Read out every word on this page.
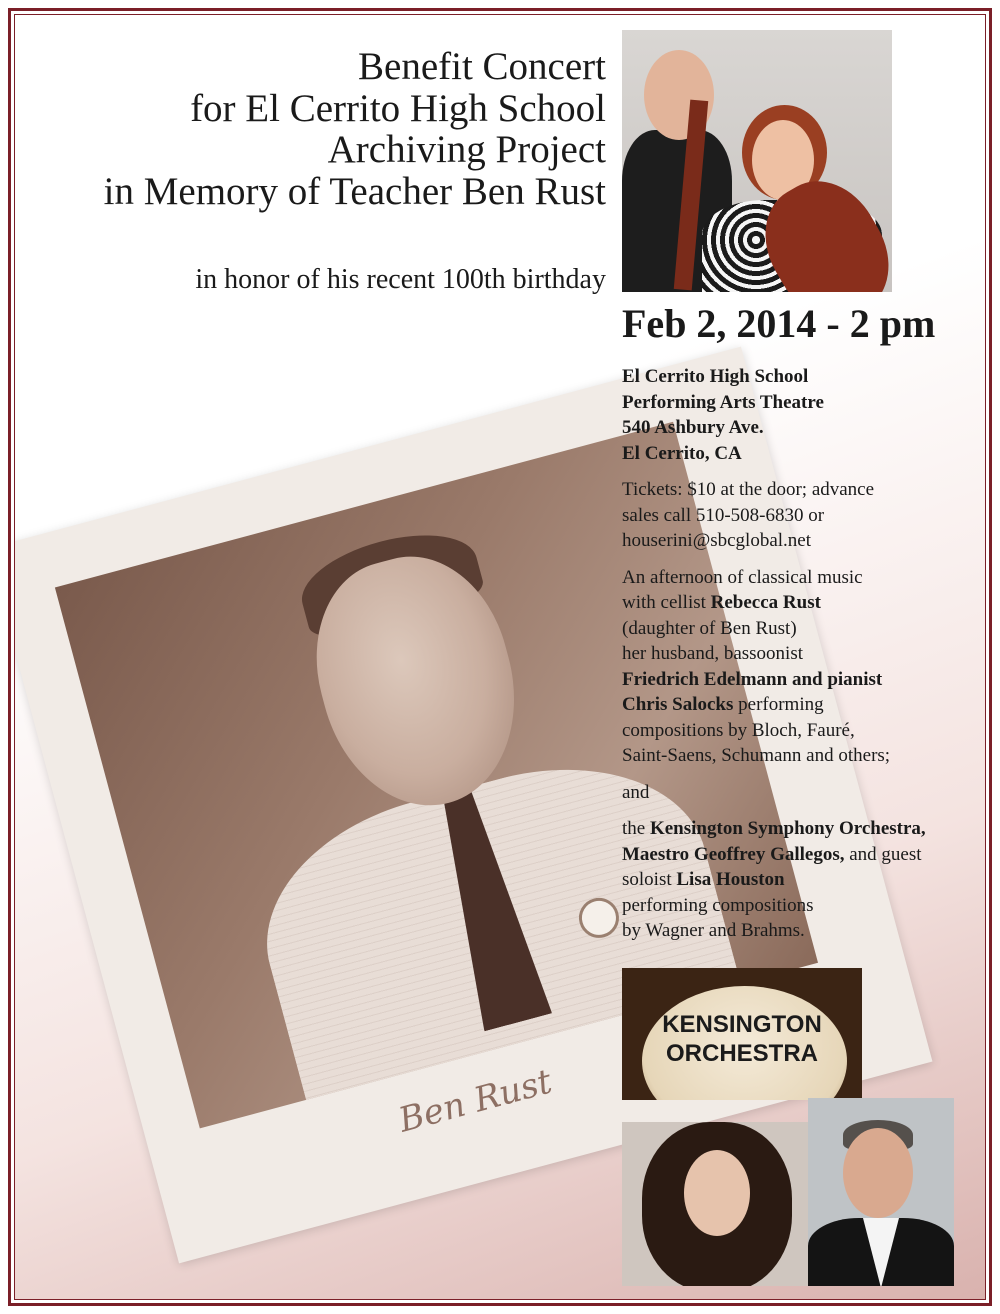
Ben Rust
Benefit Concert
for El Cerrito High School
Archiving Project
in Memory of Teacher Ben Rust
in honor of his recent 100th birthday
Feb 2, 2014 - 2 pm
El Cerrito High School
Performing Arts Theatre
540 Ashbury Ave.
El Cerrito, CA
Tickets: $10 at the door; advance
sales call 510-508-6830 or
houserini@sbcglobal.net
An afternoon of classical music
with cellist Rebecca Rust
(daughter of Ben Rust)
her husband, bassoonist
Friedrich Edelmann and pianist
Chris Salocks performing
compositions by Bloch, Fauré,
Saint-Saens, Schumann and others;
and
the Kensington Symphony Orchestra,
Maestro Geoffrey Gallegos, and guest
soloist Lisa Houston
performing compositions
by Wagner and Brahms.
KENSINGTON
ORCHESTRA
